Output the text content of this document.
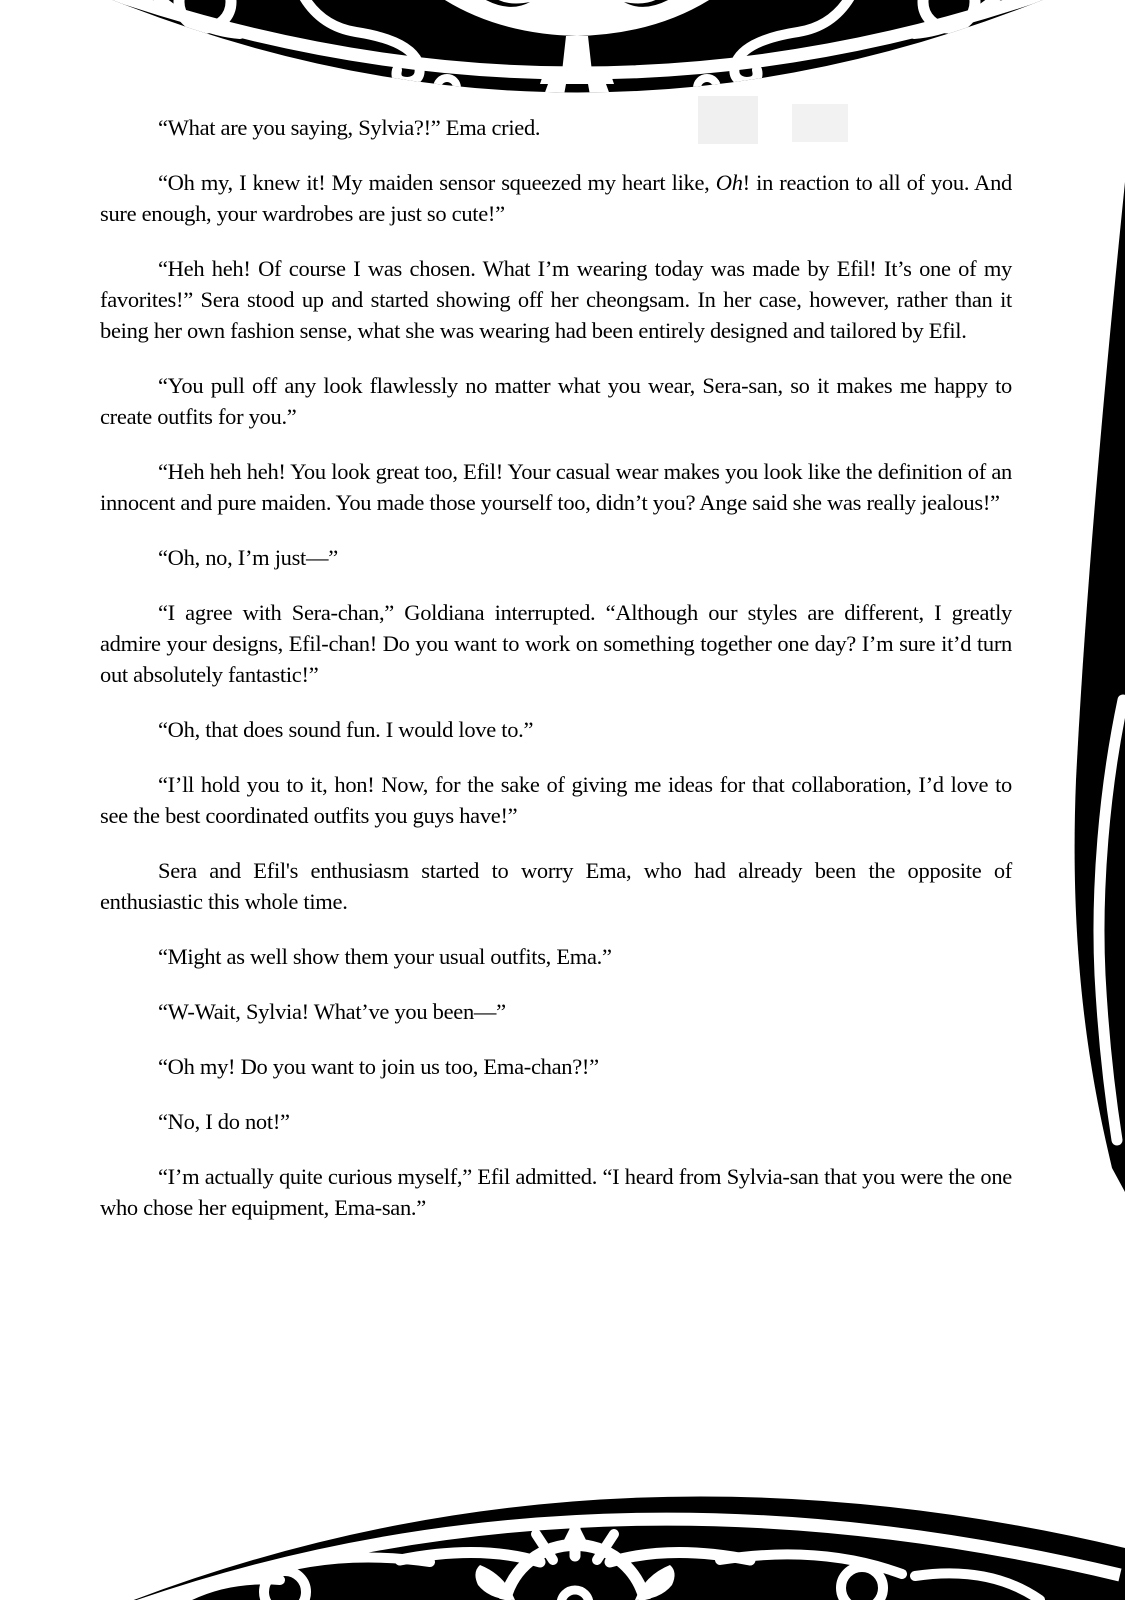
“What are you saying, Sylvia?!” Ema cried.

“Oh my, I knew it! My maiden sensor squeezed my heart like, Oh! in reaction to all of you. And sure enough, your wardrobes are just so cute!”

“Heh heh! Of course I was chosen. What I’m wearing today was made by Efil! It’s one of my favorites!” Sera stood up and started showing off her cheongsam. In her case, however, rather than it being her own fashion sense, what she was wearing had been entirely designed and tailored by Efil.

“You pull off any look flawlessly no matter what you wear, Sera-san, so it makes me happy to create outfits for you.”

“Heh heh heh! You look great too, Efil! Your casual wear makes you look like the definition of an innocent and pure maiden. You made those yourself too, didn’t you? Ange said she was really jealous!”

“Oh, no, I’m just—”

“I agree with Sera-chan,” Goldiana interrupted. “Although our styles are different, I greatly admire your designs, Efil-chan! Do you want to work on something together one day? I’m sure it’d turn out absolutely fantastic!”

“Oh, that does sound fun. I would love to.”

“I’ll hold you to it, hon! Now, for the sake of giving me ideas for that collaboration, I’d love to see the best coordinated outfits you guys have!”

Sera and Efil's enthusiasm started to worry Ema, who had already been the opposite of enthusiastic this whole time.

“Might as well show them your usual outfits, Ema.”

“W-Wait, Sylvia! What’ve you been—”

“Oh my! Do you want to join us too, Ema-chan?!”

“No, I do not!”

“I’m actually quite curious myself,” Efil admitted. “I heard from Sylvia-san that you were the one who chose her equipment, Ema-san.”
